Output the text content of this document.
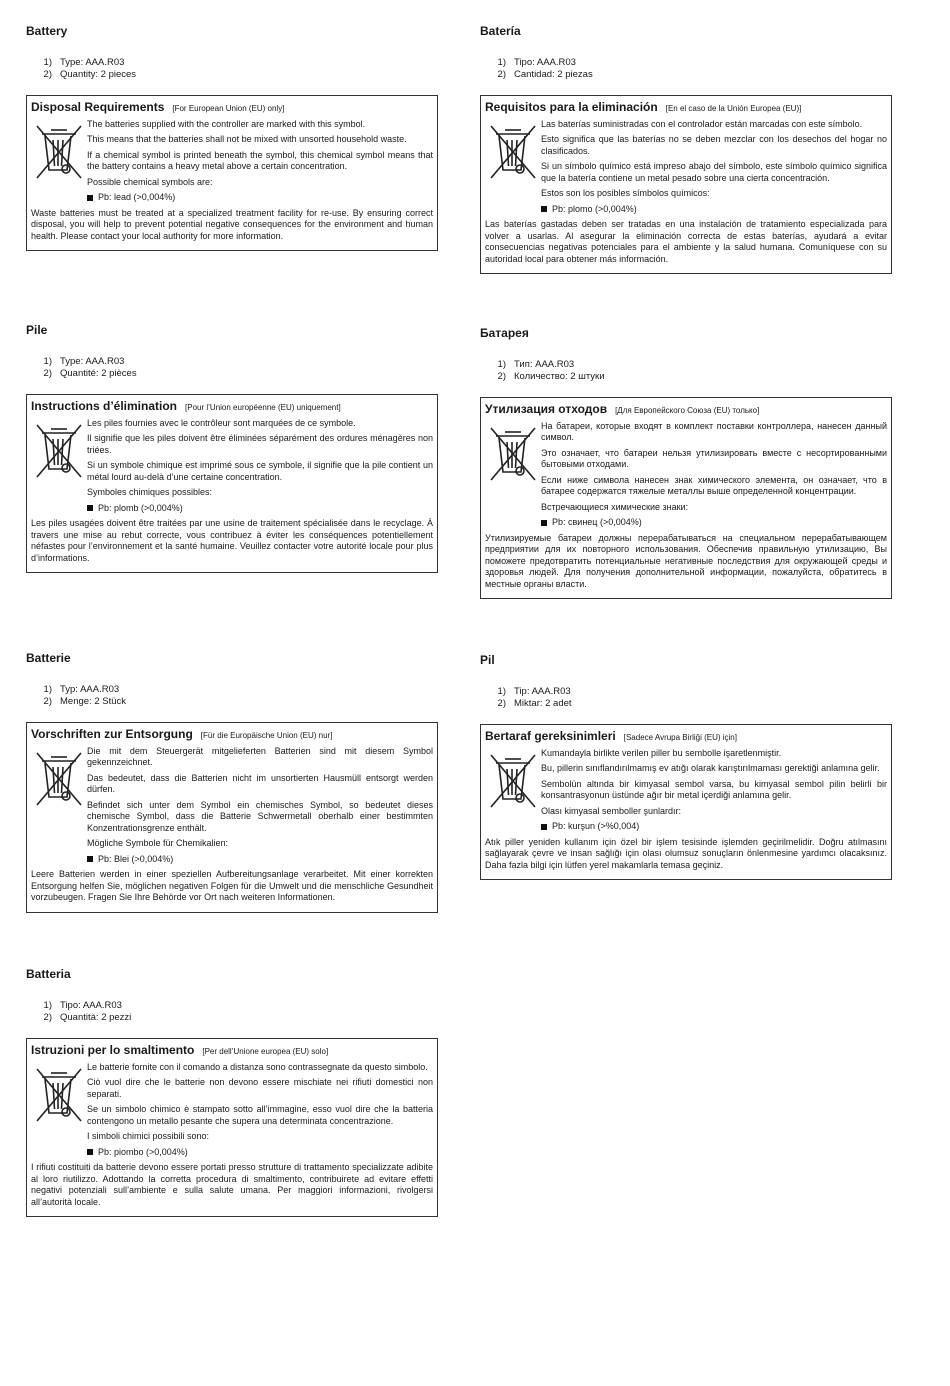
Battery
1) Type: AAA.R03
2) Quantity: 2 pieces
Disposal Requirements [For European Union (EU) only]

The batteries supplied with the controller are marked with this symbol.

This means that the batteries shall not be mixed with unsorted household waste.

If a chemical symbol is printed beneath the symbol, this chemical symbol means that the battery contains a heavy metal above a certain concentration.

Possible chemical symbols are:

Pb: lead (>0,004%)

Waste batteries must be treated at a specialized treatment facility for re-use. By ensuring correct disposal, you will help to prevent potential negative consequences for the environment and human health. Please contact your local authority for more information.

Batería
1) Tipo: AAA.R03
2) Cantidad: 2 piezas
Requisitos para la eliminación [En el caso de la Unión Europea (EU)]

Las baterías suministradas con el controlador están marcadas con este símbolo.

Esto significa que las baterías no se deben mezclar con los desechos del hogar no clasificados.

Si un símbolo químico está impreso abajo del símbolo, este símbolo químico significa que la batería contiene un metal pesado sobre una cierta concentración.

Estos son los posibles símbolos químicos:

Pb: plomo (>0,004%)

Las baterías gastadas deben ser tratadas en una instalación de tratamiento especializada para volver a usarlas. Al asegurar la eliminación correcta de estas baterías, ayudará a evitar consecuencias negativas potenciales para el ambiente y la salud humana. Comuníquese con su autoridad local para obtener más información.

Pile
1) Type: AAA.R03
2) Quantité: 2 pièces
Instructions d’élimination [Pour l’Union européenne (EU) uniquement]

Les piles fournies avec le contrôleur sont marquées de ce symbole.

Il signifie que les piles doivent être éliminées séparément des ordures ménagères non triées.

Si un symbole chimique est imprimé sous ce symbole, il signifie que la pile contient un métal lourd au-delà d’une certaine concentration.

Symboles chimiques possibles:

Pb: plomb (>0,004%)

Les piles usagées doivent être traitées par une usine de traitement spécialisée dans le recyclage. À travers une mise au rebut correcte, vous contribuez à éviter les conséquences potentiellement néfastes pour l’environnement et la santé humaine. Veuillez contacter votre autorité locale pour plus d’informations.

Батарея
1) Тип: AAA.R03
2) Количество: 2 штуки
Утилизация отходов [Для Европейского Союза (EU) только]

На батареи, которые входят в комплект поставки контроллера, нанесен данный символ.

Это означает, что батареи нельзя утилизировать вместе с несортированными бытовыми отходами.

Если ниже символа нанесен знак химического элемента, он означает, что в батарее содержатся тяжелые металлы выше определенной концентрации.

Встречающиеся химические знаки:

Pb: свинец (>0,004%)

Утилизируемые батареи должны перерабатываться на специальном перерабатывающем предприятии для их повторного использования. Обеспечив правильную утилизацию, Вы поможете предотвратить потенциальные негативные последствия для окружающей среды и здоровья людей. Для получения дополнительной информации, пожалуйста, обратитесь в местные органы власти.

Batterie
1) Typ: AAA.R03
2) Menge: 2 Stück
Vorschriften zur Entsorgung [Für die Europäische Union (EU) nur]

Die mit dem Steuergerät mitgelieferten Batterien sind mit diesem Symbol gekennzeichnet.

Das bedeutet, dass die Batterien nicht im unsortierten Hausmüll entsorgt werden dürfen.

Befindet sich unter dem Symbol ein chemisches Symbol, so bedeutet dieses chemische Symbol, dass die Batterie Schwermetall oberhalb einer bestimmten Konzentrationsgrenze enthält.

Mögliche Symbole für Chemikalien:

Pb: Blei (>0,004%)

Leere Batterien werden in einer speziellen Aufbereitungsanlage verarbeitet. Mit einer korrekten Entsorgung helfen Sie, möglichen negativen Folgen für die Umwelt und die menschliche Gesundheit vorzubeugen. Fragen Sie Ihre Behörde vor Ort nach weiteren Informationen.

Pil
1) Tip: AAA.R03
2) Miktar: 2 adet
Bertaraf gereksinimleri [Sadece Avrupa Birliği (EU) için]

Kumandayla birlikte verilen piller bu sembolle işaretlenmiştir.

Bu, pillerin sınıflandırılmamış ev atığı olarak karıştırılmaması gerektiği anlamına gelir.

Sembolün altında bir kimyasal sembol varsa, bu kimyasal sembol pilin belirli bir konsantrasyonun üstünde ağır bir metal içerdiği anlamına gelir.

Olası kimyasal semboller şunlardır:

Pb: kurşun (>%0,004)

Atık piller yeniden kullanım için özel bir işlem tesisinde işlemden geçirilmelidir. Doğru atılmasını sağlayarak çevre ve insan sağlığı için olası olumsuz sonuçların önlenmesine yardımcı olacaksınız. Daha fazla bilgi için lütfen yerel makamlarla temasa geçiniz.

Batteria
1) Tipo: AAA.R03
2) Quantità: 2 pezzi
Istruzioni per lo smaltimento [Per dell’Unione europea (EU) solo]

Le batterie fornite con il comando a distanza sono contrassegnate da questo simbolo.

Ciò vuol dire che le batterie non devono essere mischiate nei rifiuti domestici non separati.

Se un simbolo chimico è stampato sotto all’immagine, esso vuol dire che la batteria contengono un metallo pesante che supera una determinata concentrazione.

I simboli chimici possibili sono:

Pb: piombo (>0,004%)

I rifiuti costituiti da batterie devono essere portati presso strutture di trattamento specializzate adibite al loro riutilizzo. Adottando la corretta procedura di smaltimento, contribuirete ad evitare effetti negativi potenziali sull’ambiente e sulla salute umana. Per maggiori informazioni, rivolgersi all’autorità locale.
